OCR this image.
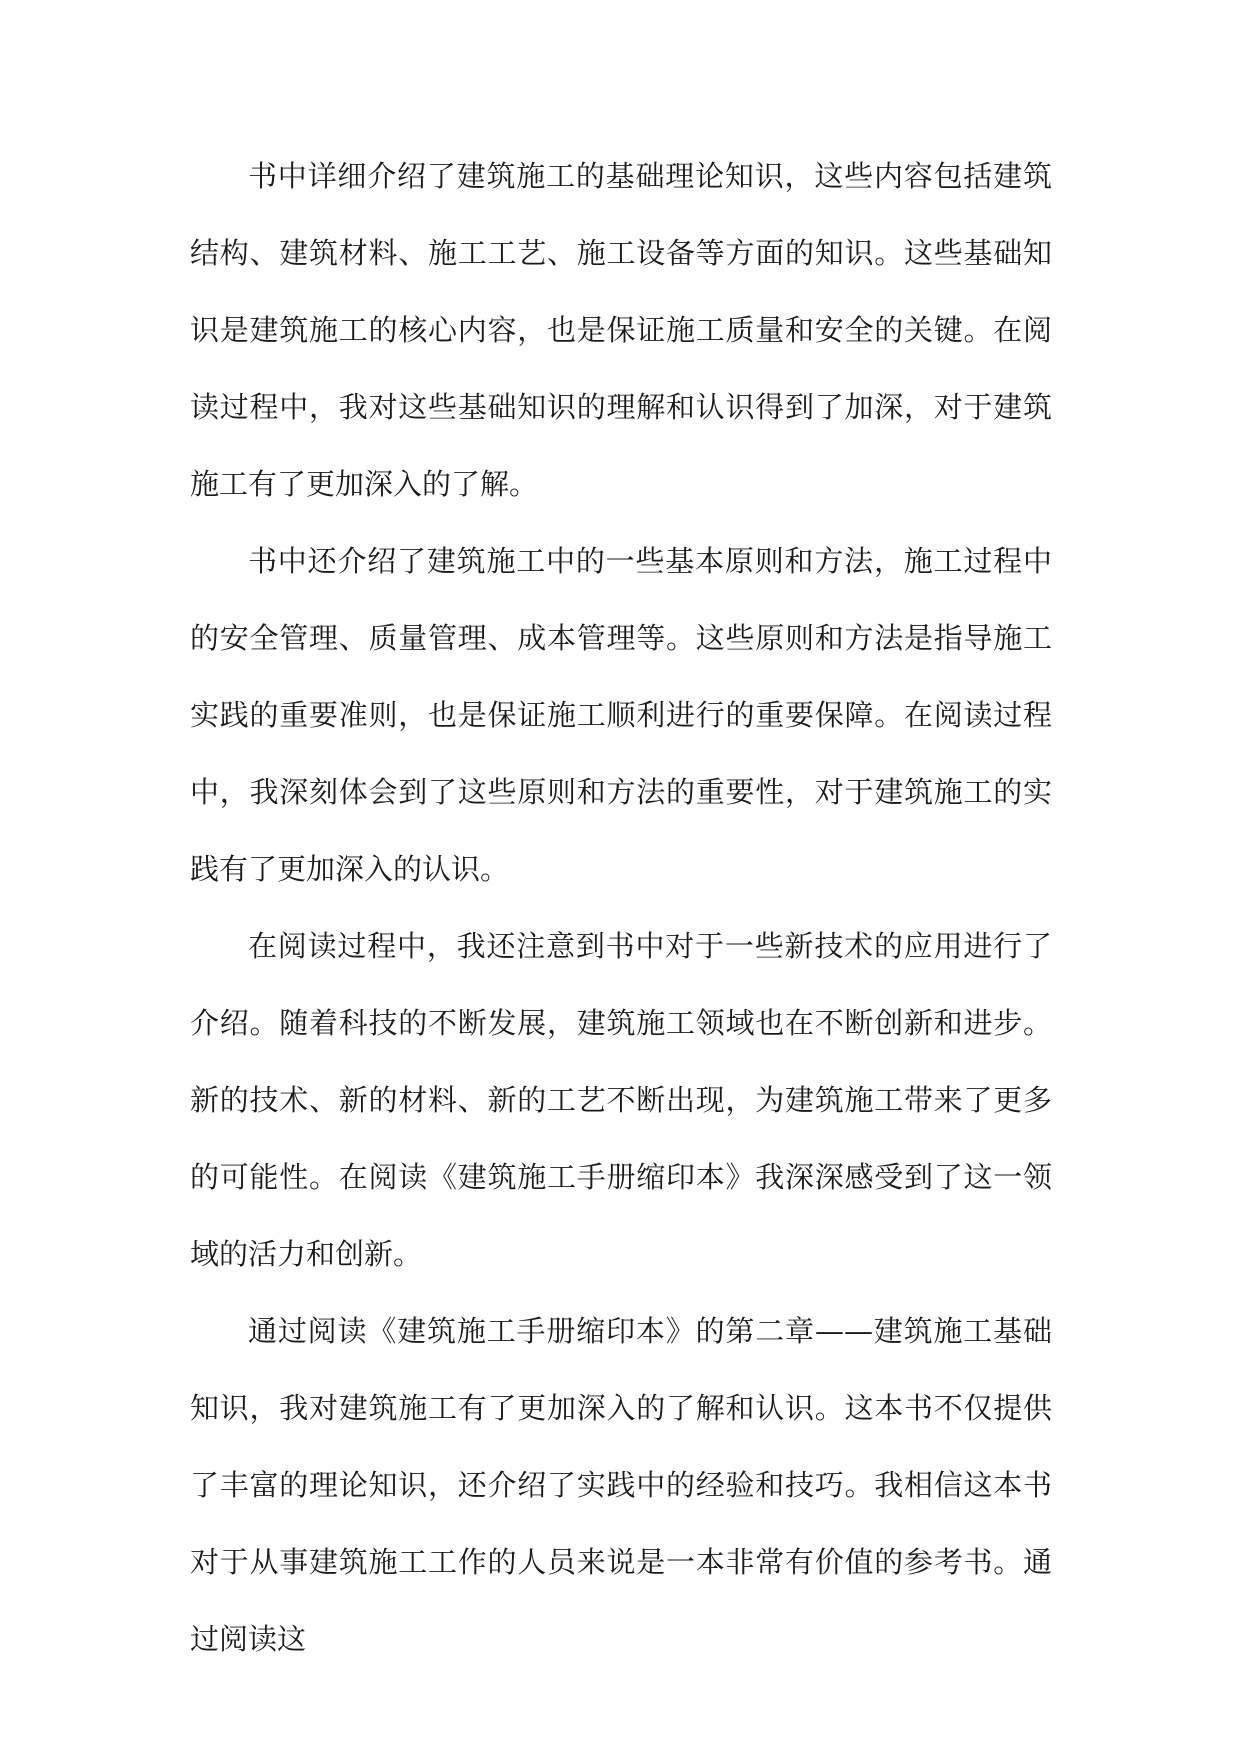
书中详细介绍了建筑施工的基础理论知识，这些内容包括建筑结构、建筑材料、施工工艺、施工设备等方面的知识。这些基础知识是建筑施工的核心内容，也是保证施工质量和安全的关键。在阅读过程中，我对这些基础知识的理解和认识得到了加深，对于建筑施工有了更加深入的了解。

书中还介绍了建筑施工中的一些基本原则和方法，施工过程中的安全管理、质量管理、成本管理等。这些原则和方法是指导施工实践的重要准则，也是保证施工顺利进行的重要保障。在阅读过程中，我深刻体会到了这些原则和方法的重要性，对于建筑施工的实践有了更加深入的认识。

在阅读过程中，我还注意到书中对于一些新技术的应用进行了介绍。随着科技的不断发展，建筑施工领域也在不断创新和进步。新的技术、新的材料、新的工艺不断出现，为建筑施工带来了更多的可能性。在阅读《建筑施工手册缩印本》我深深感受到了这一领域的活力和创新。

通过阅读《建筑施工手册缩印本》的第二章——建筑施工基础知识，我对建筑施工有了更加深入的了解和认识。这本书不仅提供了丰富的理论知识，还介绍了实践中的经验和技巧。我相信这本书对于从事建筑施工工作的人员来说是一本非常有价值的参考书。通过阅读这
